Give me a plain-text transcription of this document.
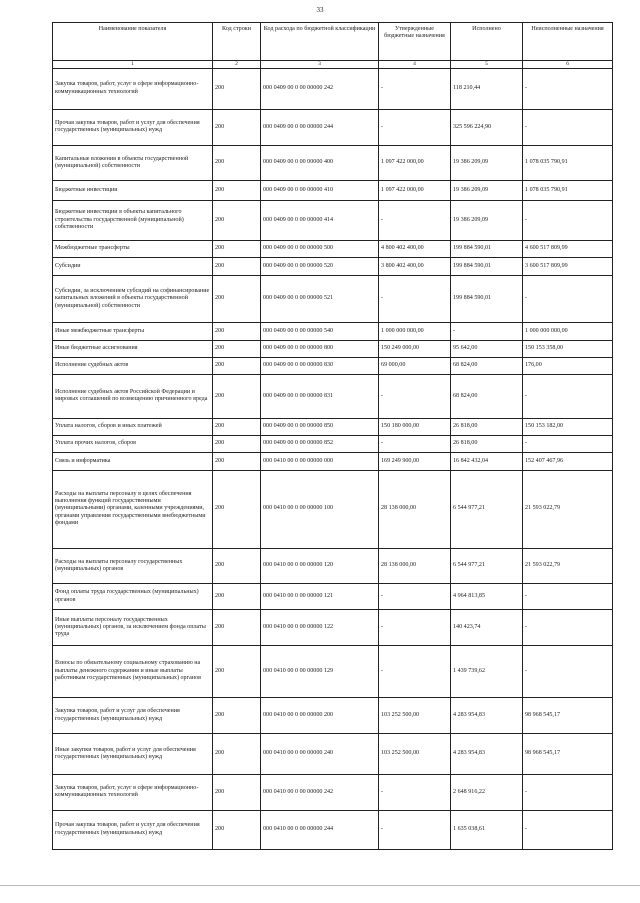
33
Наименование показателя	Код строки	Код расхода по бюджетной классификации	Утвержденные бюджетные назначения	Исполнено	Неисполненные назначения
1	2	3	4	5	6
Закупка товаров, работ, услуг в сфере информационно-коммуникационных технологий	200	000 0409 00 0 00 00000 242	-	118 210,44	-
Прочая закупка товаров, работ и услуг для обеспечения государственных (муниципальных) нужд	200	000 0409 00 0 00 00000 244	-	325 596 224,90	-
Капитальные вложения в объекты государственной (муниципальной) собственности	200	000 0409 00 0 00 00000 400	1 097 422 000,00	19 386 209,09	1 078 035 790,91
Бюджетные инвестиции	200	000 0409 00 0 00 00000 410	1 097 422 000,00	19 386 209,09	1 078 035 790,91
Бюджетные инвестиции в объекты капитального строительства государственной (муниципальной) собственности	200	000 0409 00 0 00 00000 414	-	19 386 209,09	-
Межбюджетные трансферты	200	000 0409 00 0 00 00000 500	4 800 402 400,00	199 884 590,01	4 600 517 809,99
Субсидии	200	000 0409 00 0 00 00000 520	3 800 402 400,00	199 884 590,01	3 600 517 809,99
Субсидии, за исключением субсидий на софинансирование капитальных вложений в объекты государственной (муниципальной) собственности	200	000 0409 00 0 00 00000 521	-	199 884 590,01	-
Иные межбюджетные трансферты	200	000 0409 00 0 00 00000 540	1 000 000 000,00	-	1 000 000 000,00
Иные бюджетные ассигнования	200	000 0409 00 0 00 00000 800	150 249 000,00	95 642,00	150 153 358,00
Исполнение судебных актов	200	000 0409 00 0 00 00000 830	69 000,00	68 824,00	176,00
Исполнение судебных актов Российской Федерации и мировых соглашений по возмещению причиненного вреда	200	000 0409 00 0 00 00000 831	-	68 824,00	-
Уплата налогов, сборов и иных платежей	200	000 0409 00 0 00 00000 850	150 180 000,00	26 818,00	150 153 182,00
Уплата прочих налогов, сборов	200	000 0409 00 0 00 00000 852	-	26 818,00	-
Связь и информатика	200	000 0410 00 0 00 00000 000	169 249 900,00	16 842 432,04	152 407 467,96
Расходы на выплаты персоналу в целях обеспечения выполнения функций государственными (муниципальными) органами, казенными учреждениями, органами управления государственными внебюджетными фондами	200	000 0410 00 0 00 00000 100	28 138 000,00	6 544 977,21	21 593 022,79
Расходы на выплаты персоналу государственных (муниципальных) органов	200	000 0410 00 0 00 00000 120	28 138 000,00	6 544 977,21	21 593 022,79
Фонд оплаты труда государственных (муниципальных) органов	200	000 0410 00 0 00 00000 121	-	4 964 813,85	-
Иные выплаты персоналу государственных (муниципальных) органов, за исключением фонда оплаты труда	200	000 0410 00 0 00 00000 122	-	140 423,74	-
Взносы по обязательному социальному страхованию на выплаты денежного содержания и иные выплаты работникам государственных (муниципальных) органов	200	000 0410 00 0 00 00000 129	-	1 439 739,62	-
Закупка товаров, работ и услуг для обеспечения государственных (муниципальных) нужд	200	000 0410 00 0 00 00000 200	103 252 500,00	4 283 954,83	98 968 545,17
Иные закупки товаров, работ и услуг для обеспечения государственных (муниципальных) нужд	200	000 0410 00 0 00 00000 240	103 252 500,00	4 283 954,83	98 968 545,17
Закупка товаров, работ, услуг в сфере информационно-коммуникационных технологий	200	000 0410 00 0 00 00000 242	-	2 648 916,22	-
Прочая закупка товаров, работ и услуг для обеспечения государственных (муниципальных) нужд	200	000 0410 00 0 00 00000 244	-	1 635 038,61	-
